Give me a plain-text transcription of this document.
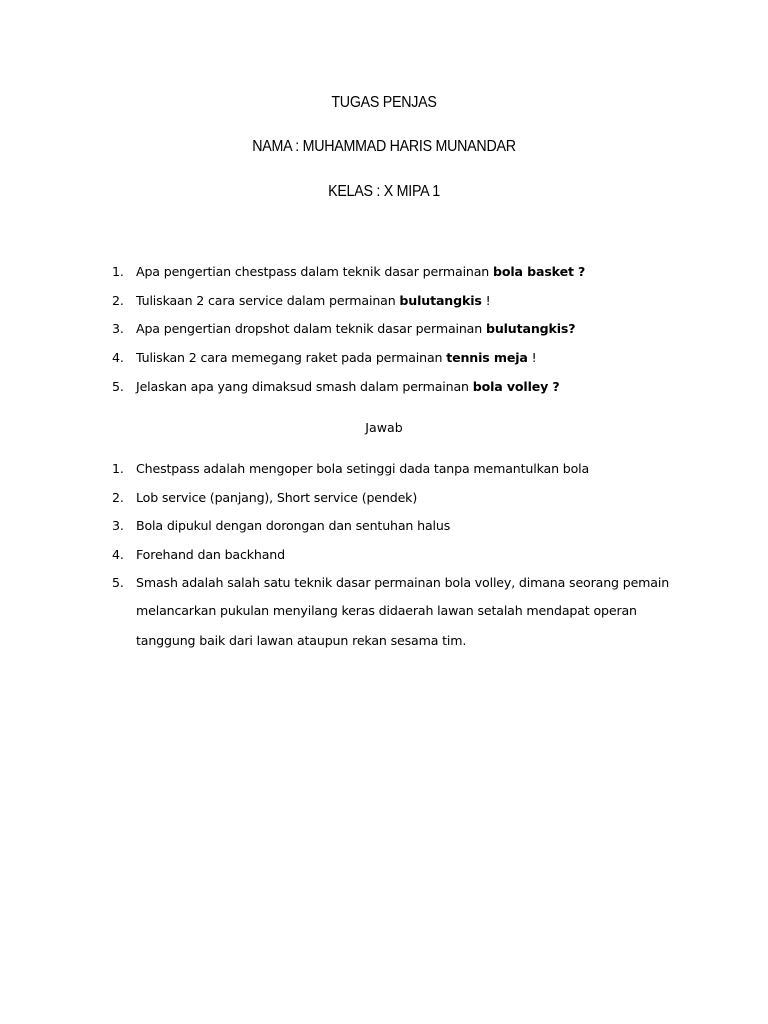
TUGAS PENJAS
NAMA : MUHAMMAD HARIS MUNANDAR
KELAS : X MIPA 1
1. Apa pengertian chestpass dalam teknik dasar permainan bola basket ?
2. Tuliskaan 2 cara service dalam permainan bulutangkis !
3. Apa pengertian dropshot dalam teknik dasar permainan bulutangkis?
4. Tuliskan 2 cara memegang raket pada permainan tennis meja !
5. Jelaskan apa yang dimaksud smash dalam permainan bola volley ?
Jawab
1. Chestpass adalah mengoper bola setinggi dada tanpa memantulkan bola
2. Lob service (panjang), Short service (pendek)
3. Bola dipukul dengan dorongan dan sentuhan halus
4. Forehand dan backhand
5. Smash adalah salah satu teknik dasar permainan bola volley, dimana seorang pemain
melancarkan pukulan menyilang keras didaerah lawan setalah mendapat operan
tanggung baik dari lawan ataupun rekan sesama tim.
